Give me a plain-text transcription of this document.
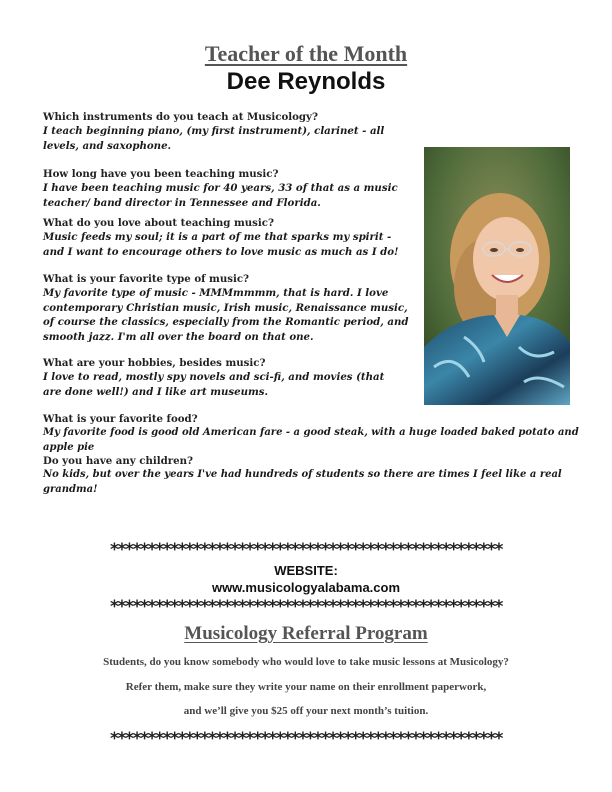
Teacher of the Month
Dee Reynolds
Which instruments do you teach at Musicology?
I teach beginning piano, (my first instrument), clarinet - all levels, and saxophone.
How long have you been teaching music?
I have been teaching music for 40 years, 33 of that as a music teacher/ band director in Tennessee and Florida.
What do you love about teaching music?
Music feeds my soul; it is a part of me that sparks my spirit - and I want to encourage others to love music as much as I do!
What is your favorite type of music?
My favorite type of music - MMMmmmm, that is hard. I love contemporary Christian music, Irish music, Renaissance music, of course the classics, especially from the Romantic period, and smooth jazz. I'm all over the board on that one.
What are your hobbies, besides music?
I love to read, mostly spy novels and sci-fi, and movies (that are done well!) and I like art museums.
What is your favorite food?
My favorite food is good old American fare - a good steak, with a huge loaded baked potato and apple pie
Do you have any children?
No kids, but over the years I've had hundreds of students so there are times I feel like a real grandma!
****************************************************
WEBSITE:
www.musicologyalabama.com
****************************************************
Musicology Referral Program
Students, do you know somebody who would love to take music lessons at Musicology?
Refer them, make sure they write your name on their enrollment paperwork,
and we’ll give you $25 off your next month’s tuition.
****************************************************
